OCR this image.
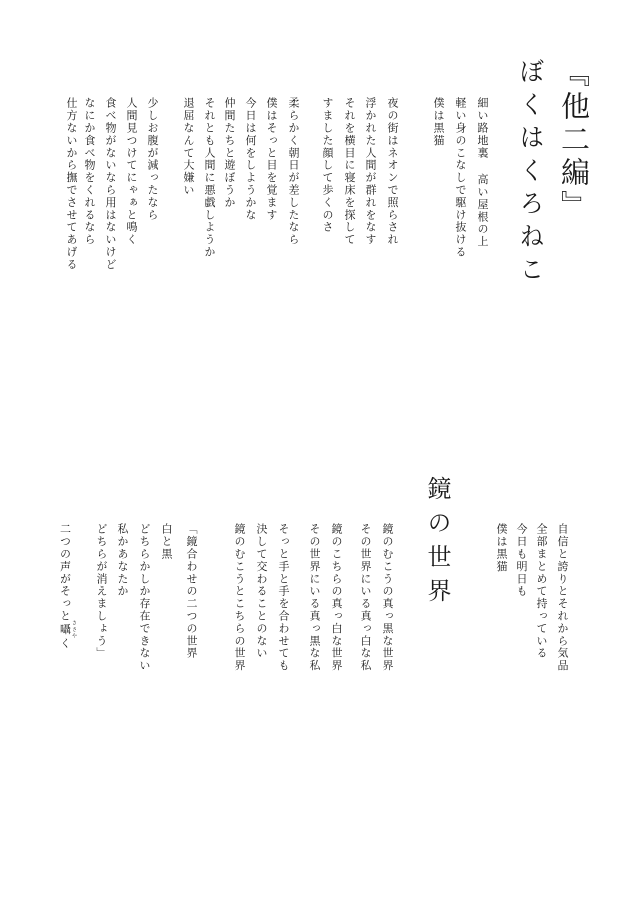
『他二編』
ぼくはくろねこ
細い路地裏 高い屋根の上
軽い身のこなしで駆け抜ける
僕は黒猫
夜の街はネオンで照らされ
浮かれた人間が群れをなす
それを横目に寝床を探して
すました顔して歩くのさ
柔らかく朝日が差したなら
僕はそっと目を覚ます
今日は何をしようかな
仲間たちと遊ぼうか
それとも人間に悪戯しようか
退屈なんて大嫌い
少しお腹が減ったなら
人間見つけてにゃぁと鳴く
食べ物がないなら用はないけど
なにか食べ物をくれるなら
仕方ないから撫でさせてあげる
自信と誇りとそれから気品
全部まとめて持っている
今日も明日も
僕は黒猫
鏡の世界
鏡のむこうの真っ黒な世界
その世界にいる真っ白な私
鏡のこちらの真っ白な世界
その世界にいる真っ黒な私
そっと手と手を合わせても
決して交わることのない
鏡のむこうとこちらの世界
「鏡合わせの二つの世界
白と黒
どちらかしか存在できない
私かあなたか
どちらが消えましょう」
二つの声がそっと囁 ささやく
